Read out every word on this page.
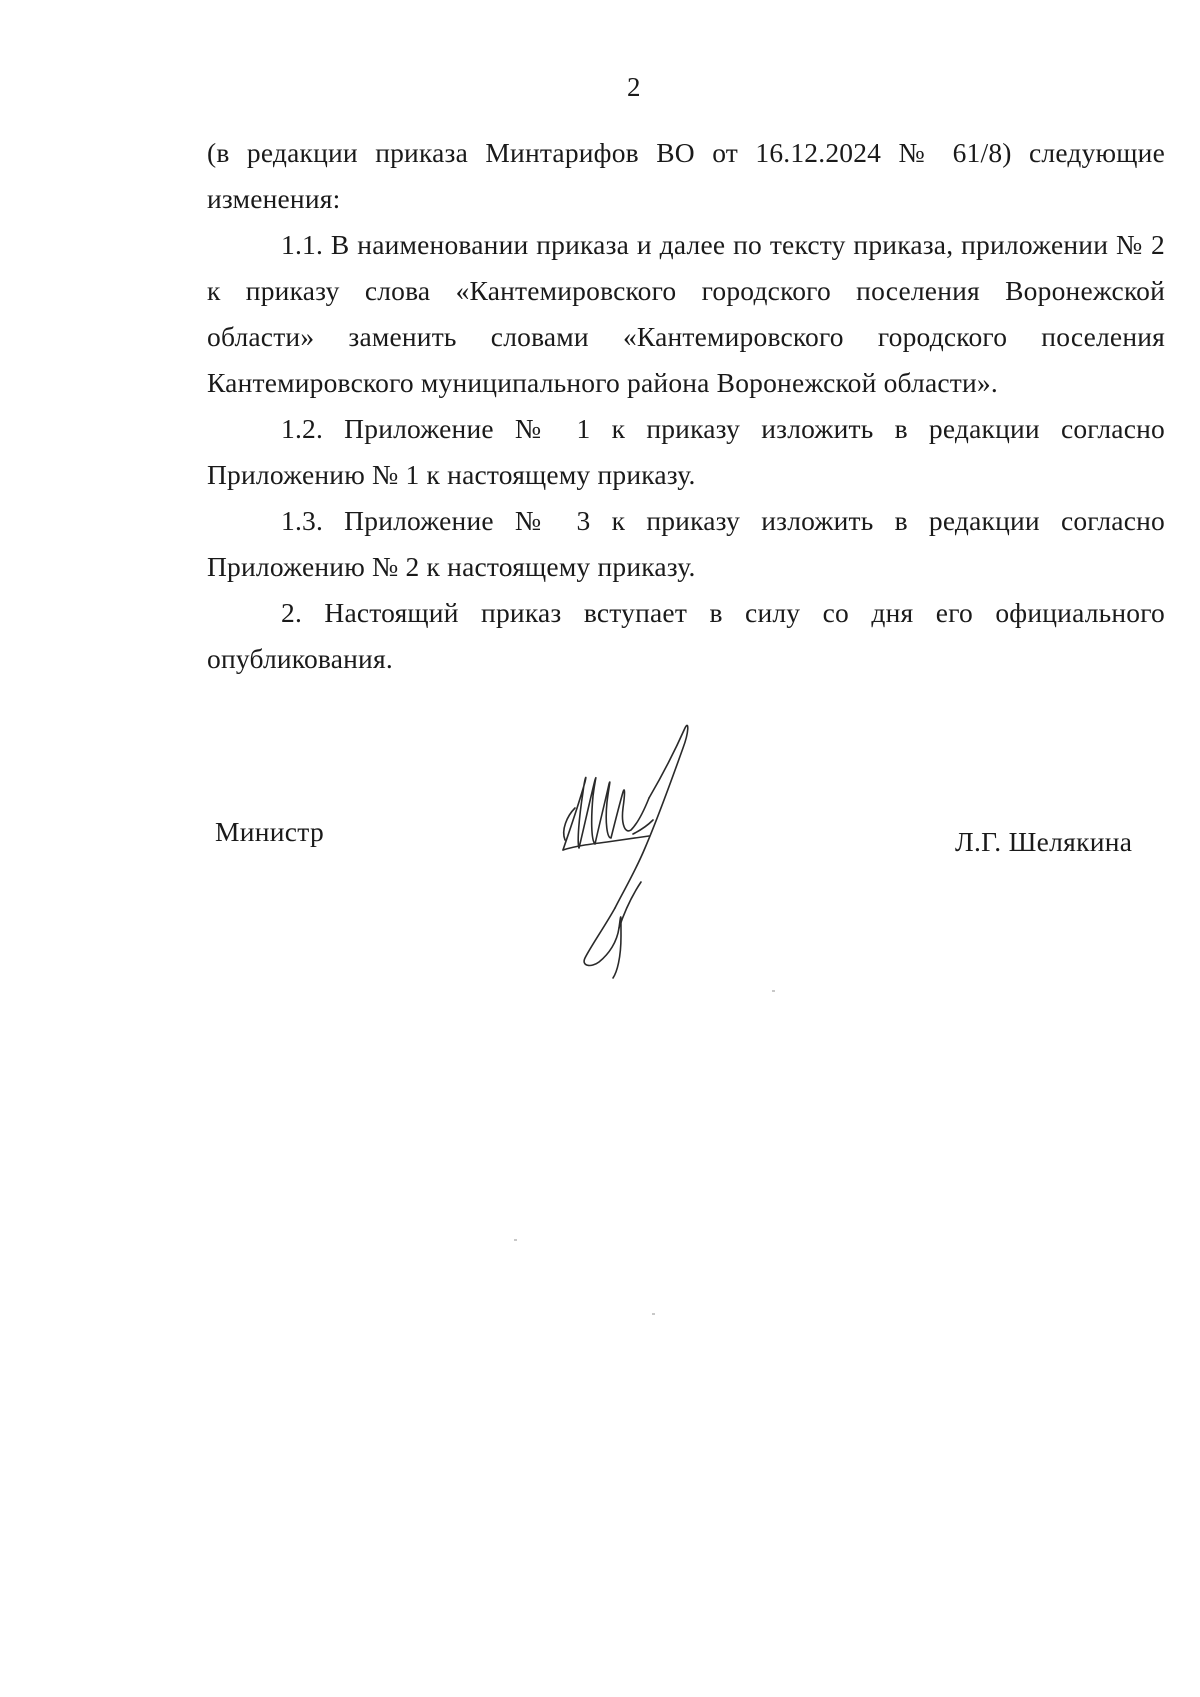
2

(в редакции приказа Минтарифов ВО от 16.12.2024 № 61/8) следующие изменения:

1.1. В наименовании приказа и далее по тексту приказа, приложении № 2 к приказу слова «Кантемировского городского поселения Воронежской области» заменить словами «Кантемировского городского поселения Кантемировского муниципального района Воронежской области».

1.2. Приложение № 1 к приказу изложить в редакции согласно Приложению № 1 к настоящему приказу.

1.3. Приложение № 3 к приказу изложить в редакции согласно Приложению № 2 к настоящему приказу.

2. Настоящий приказ вступает в силу со дня его официального опубликования.

Министр	Л.Г. Шелякина
